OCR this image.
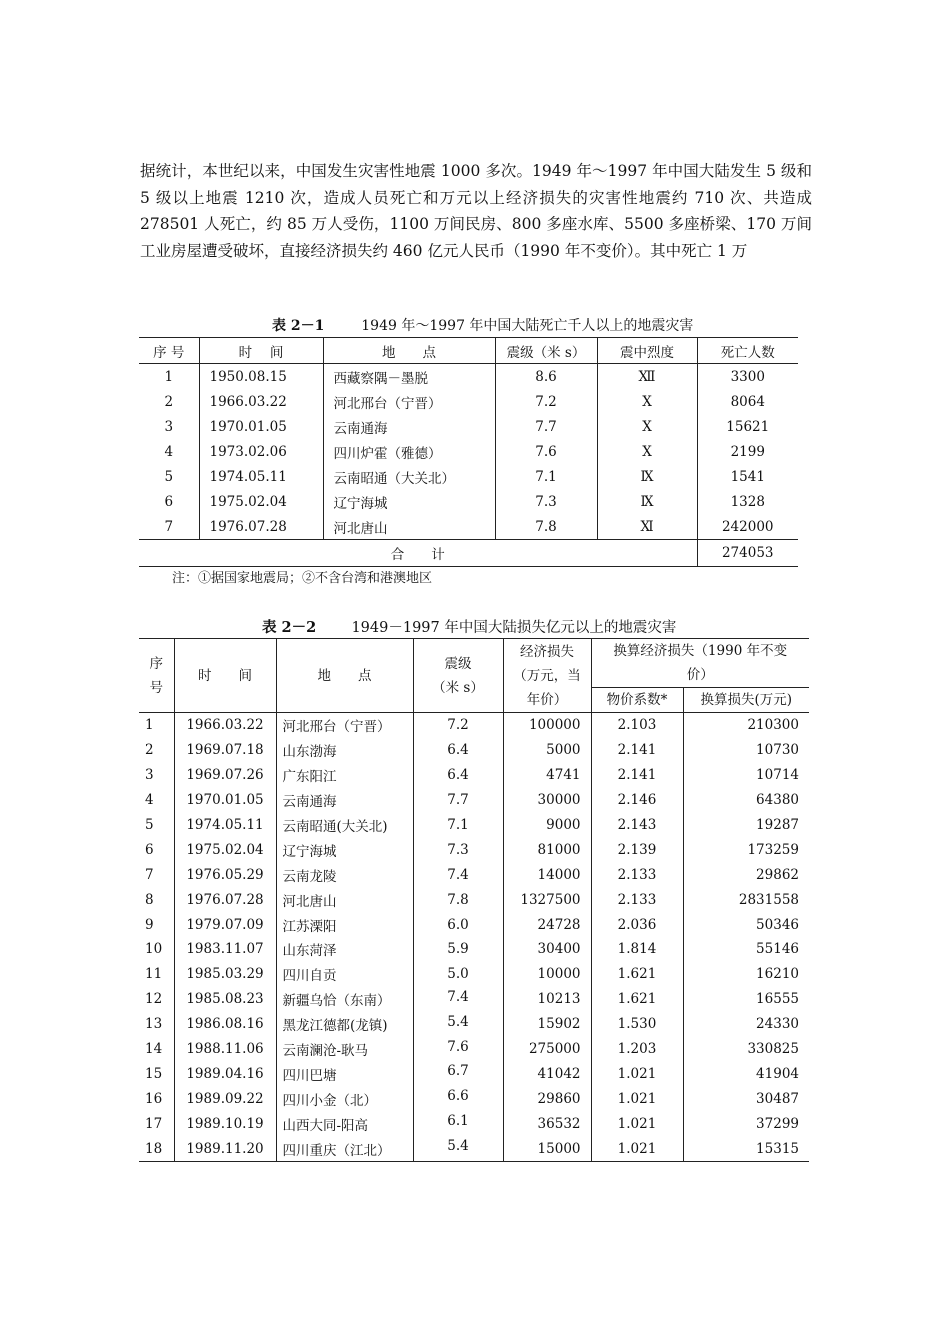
据统计，本世纪以来，中国发生灾害性地震 1000 多次。1949 年～1997 年中国大陆发生 5 级和 5 级以上地震 1210 次，造成人员死亡和万元以上经济损失的灾害性地震约 710 次、共造成 278501 人死亡，约 85 万人受伤，1100 万间民房、800 多座水库、5500 多座桥梁、170 万间工业房屋遭受破坏，直接经济损失约 460 亿元人民币（1990 年不变价）。其中死亡 1 万

表 2－1	1949 年～1997 年中国大陆死亡千人以上的地震灾害
序 号	时　 间	地　　点	震级（米 s）	震中烈度	死亡人数
1	1950.08.15	西藏察隅－墨脱	8.6	Ⅻ	3300
2	1966.03.22	河北邢台（宁晋）	7.2	Ⅹ	8064
3	1970.01.05	云南通海	7.7	Ⅹ	15621
4	1973.02.06	四川炉霍（雅德）	7.6	Ⅹ	2199
5	1974.05.11	云南昭通（大关北）	7.1	Ⅸ	1541
6	1975.02.04	辽宁海城	7.3	Ⅸ	1328
7	1976.07.28	河北唐山	7.8	Ⅺ	242000
合　　计					274053
注：①据国家地震局；②不含台湾和港澳地区
表 2－2 1949－1997 年中国大陆损失亿元以上的地震灾害
序号	时　　间	地　　点	震级（米 s）	经济损失（万元，当年价）	换算经济损失（1990 年不变价）	
					物价系数*	换算损失(万元)
1	1966.03.22	河北邢台（宁晋）	7.2	100000	2.103	210300
2	1969.07.18	山东渤海	6.4	5000	2.141	10730
3	1969.07.26	广东阳江	6.4	4741	2.141	10714
4	1970.01.05	云南通海	7.7	30000	2.146	64380
5	1974.05.11	云南昭通(大关北)	7.1	9000	2.143	19287
6	1975.02.04	辽宁海城	7.3	81000	2.139	173259
7	1976.05.29	云南龙陵	7.4	14000	2.133	29862
8	1976.07.28	河北唐山	7.8	1327500	2.133	2831558
9	1979.07.09	江苏溧阳	6.0	24728	2.036	50346
10	1983.11.07	山东菏泽	5.9	30400	1.814	55146
11	1985.03.29	四川自贡	5.0	10000	1.621	16210
12	1985.08.23	新疆乌恰（东南）	7.4	10213	1.621	16555
13	1986.08.16	黑龙江德都(龙镇)	5.4	15902	1.530	24330
14	1988.11.06	云南澜沧-耿马	7.6	275000	1.203	330825
15	1989.04.16	四川巴塘	6.7	41042	1.021	41904
16	1989.09.22	四川小金（北）	6.6	29860	1.021	30487
17	1989.10.19	山西大同-阳高	6.1	36532	1.021	37299
18	1989.11.20	四川重庆（江北）	5.4	15000	1.021	15315
